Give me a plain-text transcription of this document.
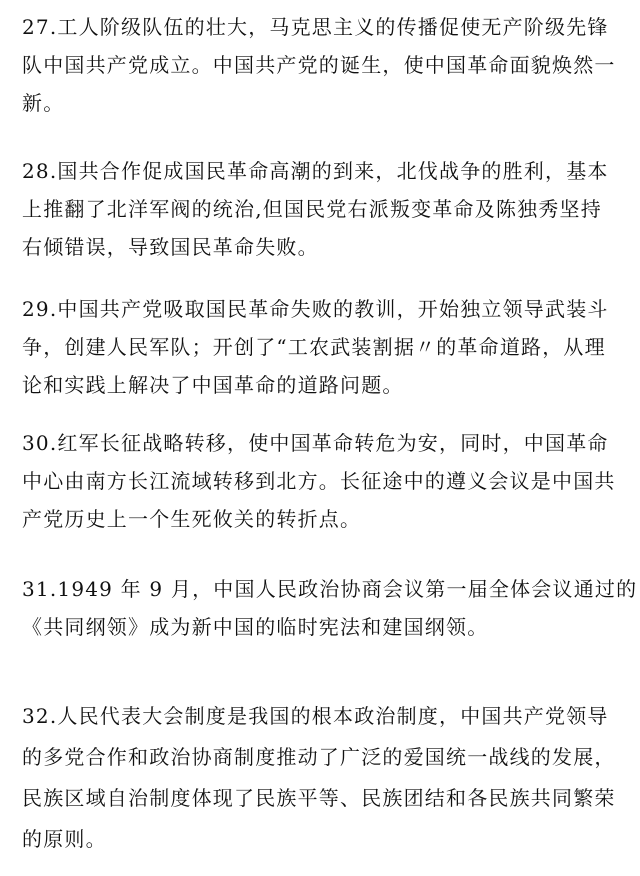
27.工人阶级队伍的壮大，马克思主义的传播促使无产阶级先锋
队中国共产党成立。中国共产党的诞生，使中国革命面貌焕然一
新。

28.国共合作促成国民革命高潮的到来，北伐战争的胜利，基本
上推翻了北洋军阀的统治,但国民党右派叛变革命及陈独秀坚持
右倾错误，导致国民革命失败。

29.中国共产党吸取国民革命失败的教训，开始独立领导武装斗
争，创建人民军队；开创了“工农武装割据〃的革命道路，从理
论和实践上解决了中国革命的道路问题。

30.红军长征战略转移，使中国革命转危为安，同时，中国革命
中心由南方长江流域转移到北方。长征途中的遵义会议是中国共
产党历史上一个生死攸关的转折点。

31.1949 年 9 月，中国人民政治协商会议第一届全体会议通过的
《共同纲领》成为新中国的临时宪法和建国纲领。

32.人民代表大会制度是我国的根本政治制度，中国共产党领导
的多党合作和政治协商制度推动了广泛的爱国统一战线的发展，
民族区域自治制度体现了民族平等、民族团结和各民族共同繁荣
的原则。
